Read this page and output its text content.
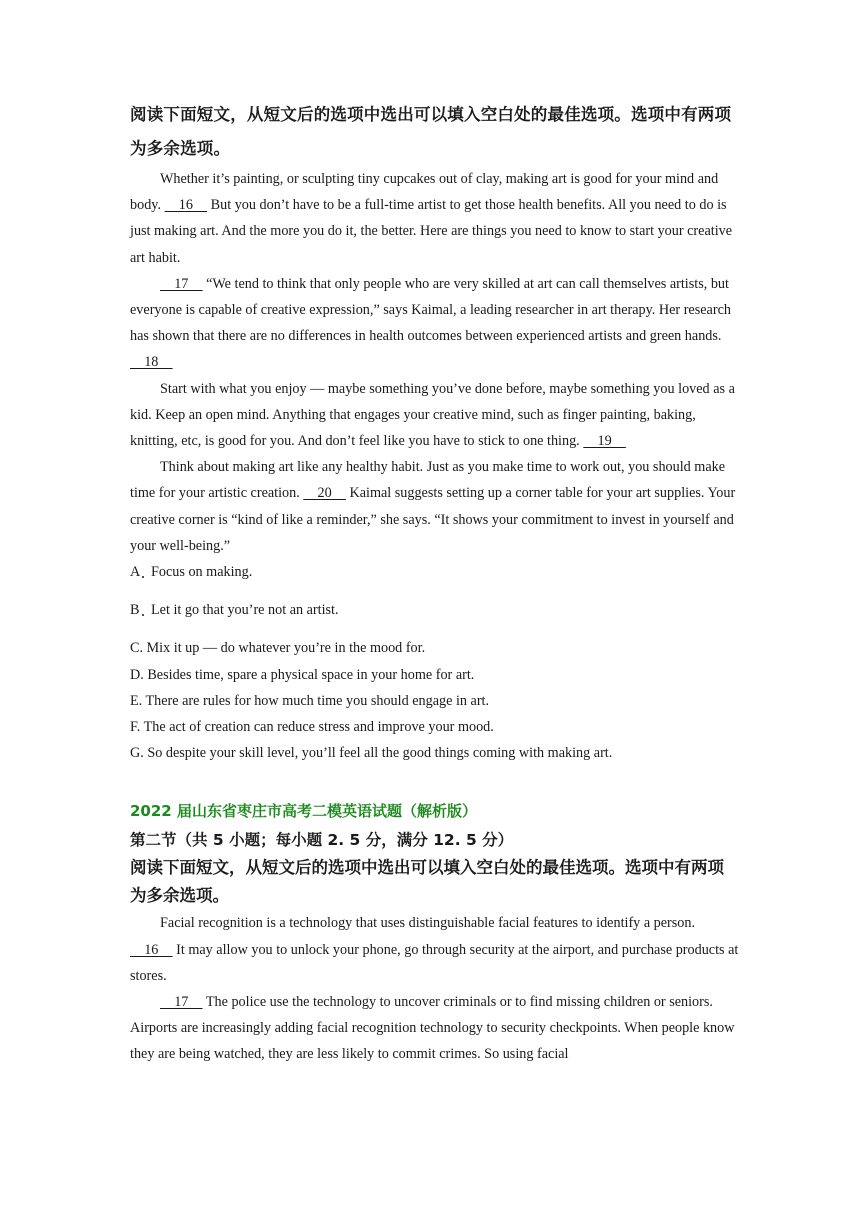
阅读下面短文，从短文后的选项中选出可以填入空白处的最佳选项。选项中有两项为多余选项。

Whether it’s painting, or sculpting tiny cupcakes out of clay, making art is good for your mind and body.     16     But you don’t have to be a full-time artist to get those health benefits. All you need to do is just making art. And the more you do it, the better. Here are things you need to know to start your creative art habit.

17     “We tend to think that only people who are very skilled at art can call themselves artists, but everyone is capable of creative expression,” says Kaimal, a leading researcher in art therapy. Her research has shown that there are no differences in health outcomes between experienced artists and green hands.     18

Start with what you enjoy — maybe something you’ve done before, maybe something you loved as a kid. Keep an open mind. Anything that engages your creative mind, such as finger painting, baking, knitting, etc, is good for you. And don’t feel like you have to stick to one thing.     19

Think about making art like any healthy habit. Just as you make time to work out, you should make time for your artistic creation.     20     Kaimal suggests setting up a corner table for your art supplies. Your creative corner is “kind of like a reminder,” she says. “It shows your commitment to invest in yourself and your well-being.”

A Focus on making.

B Let it go that you’re not an artist.

C. Mix it up — do whatever you’re in the mood for.

D. Besides time, spare a physical space in your home for art.

E. There are rules for how much time you should engage in art.

F. The act of creation can reduce stress and improve your mood.

G. So despite your skill level, you’ll feel all the good things coming with making art.

2022 届山东省枣庄市高考二模英语试题（解析版）

第二节（共 5 小题；每小题 2. 5 分，满分 12. 5 分）

阅读下面短文，从短文后的选项中选出可以填入空白处的最佳选项。选项中有两项为多余选项。

Facial recognition is a technology that uses distinguishable facial features to identify a person.     16     It may allow you to unlock your phone, go through security at the airport, and purchase products at stores.

17     The police use the technology to uncover criminals or to find missing children or seniors. Airports are increasingly adding facial recognition technology to security checkpoints. When people know they are being watched, they are less likely to commit crimes. So using facial
